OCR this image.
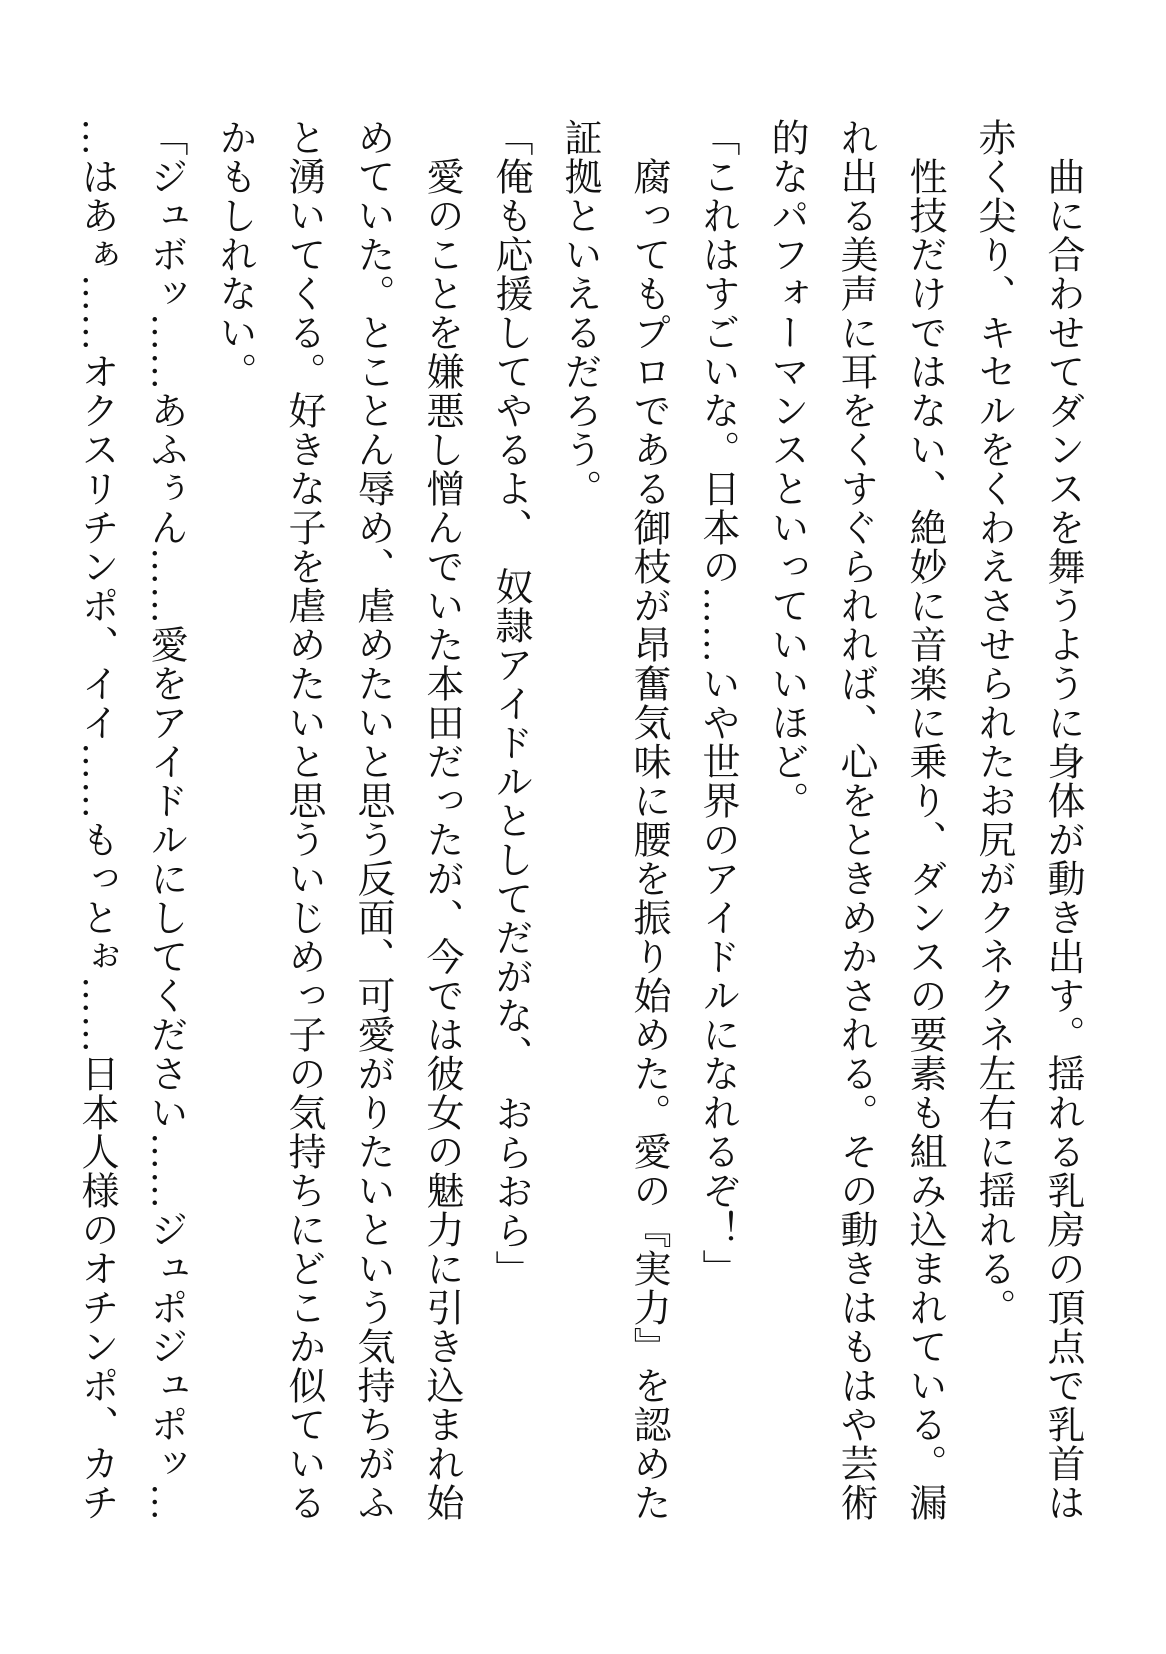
　曲に合わせてダンスを舞うように身体が動き出す。揺れる乳房の頂点で乳首は
赤く尖り、キセルをくわえさせられたお尻がクネクネ左右に揺れる。
　性技だけではない、絶妙に音楽に乗り、ダンスの要素も組み込まれている。漏
れ出る美声に耳をくすぐられれば、心をときめかされる。その動きはもはや芸術
的なパフォーマンスといっていいほど。
「これはすごいな。日本の……いや世界のアイドルになれるぞ！」
　腐ってもプロである御枝が昂奮気味に腰を振り始めた。愛の『実力』を認めた
証拠といえるだろう。
「俺も応援してやるよ、　奴隷アイドルとしてだがな、　おらおら」
　愛のことを嫌悪し憎んでいた本田だったが、今では彼女の魅力に引き込まれ始
めていた。とことん辱め、虐めたいと思う反面、可愛がりたいという気持ちがふ
と湧いてくる。好きな子を虐めたいと思ういじめっ子の気持ちにどこか似ている
かもしれない。
「ジュボッ……あふぅん……愛をアイドルにしてください……ジュポジュポッ…
…はあぁ……オクスリチンポ、イイ……もっとぉ……日本人様のオチンポ、カチ
